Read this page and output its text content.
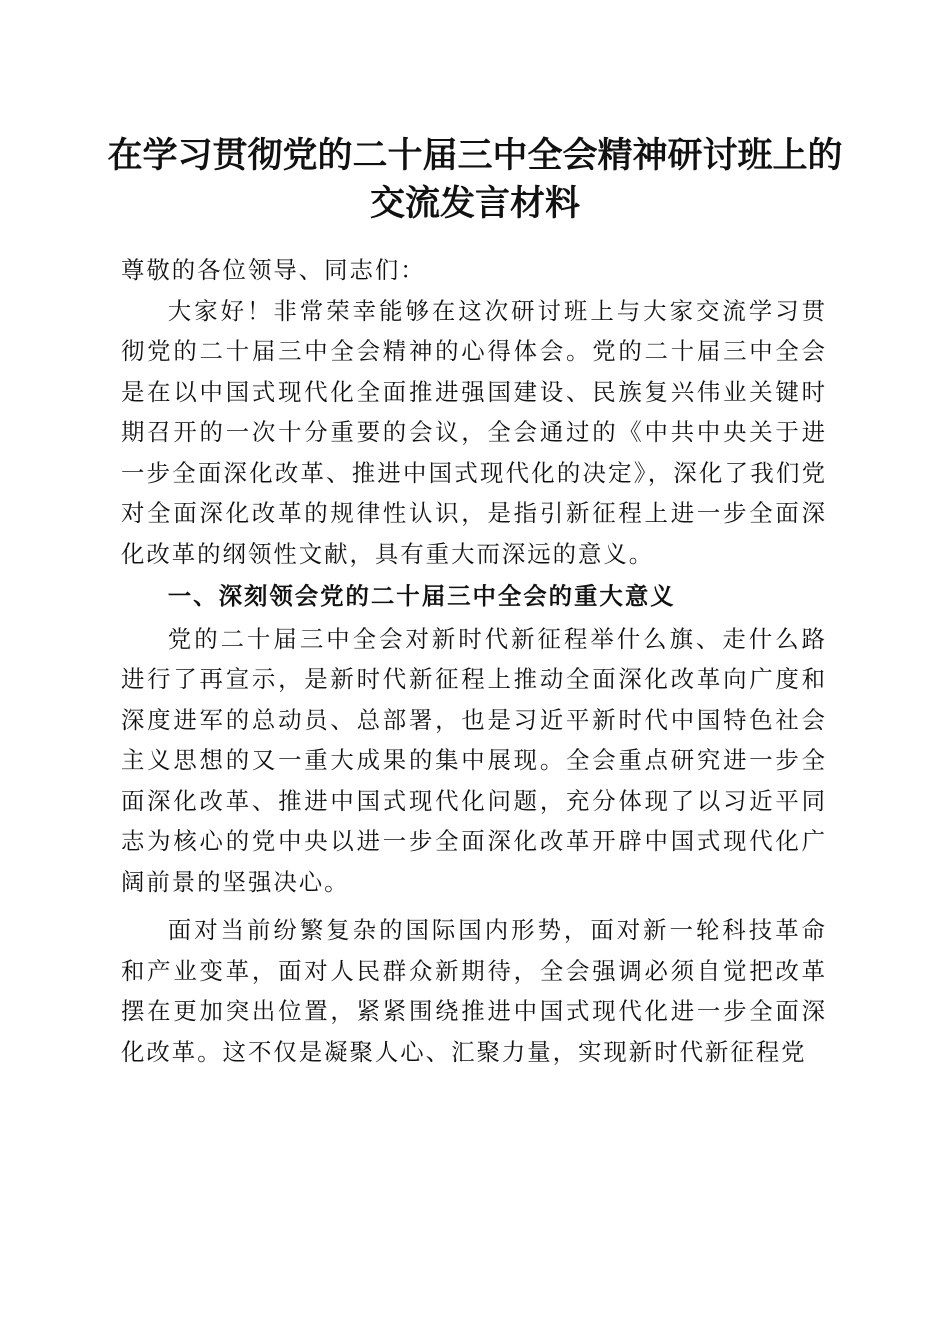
在学习贯彻党的二十届三中全会精神研讨班上的交流发言材料

尊敬的各位领导、同志们：

大家好！非常荣幸能够在这次研讨班上与大家交流学习贯彻党的二十届三中全会精神的心得体会。党的二十届三中全会是在以中国式现代化全面推进强国建设、民族复兴伟业关键时期召开的一次十分重要的会议，全会通过的《中共中央关于进一步全面深化改革、推进中国式现代化的决定》，深化了我们党对全面深化改革的规律性认识，是指引新征程上进一步全面深化改革的纲领性文献，具有重大而深远的意义。

一、深刻领会党的二十届三中全会的重大意义

党的二十届三中全会对新时代新征程举什么旗、走什么路进行了再宣示，是新时代新征程上推动全面深化改革向广度和深度进军的总动员、总部署，也是习近平新时代中国特色社会主义思想的又一重大成果的集中展现。全会重点研究进一步全面深化改革、推进中国式现代化问题，充分体现了以习近平同志为核心的党中央以进一步全面深化改革开辟中国式现代化广阔前景的坚强决心。

面对当前纷繁复杂的国际国内形势，面对新一轮科技革命和产业变革，面对人民群众新期待，全会强调必须自觉把改革摆在更加突出位置，紧紧围绕推进中国式现代化进一步全面深化改革。这不仅是凝聚人心、汇聚力量，实现新时代新征程党
